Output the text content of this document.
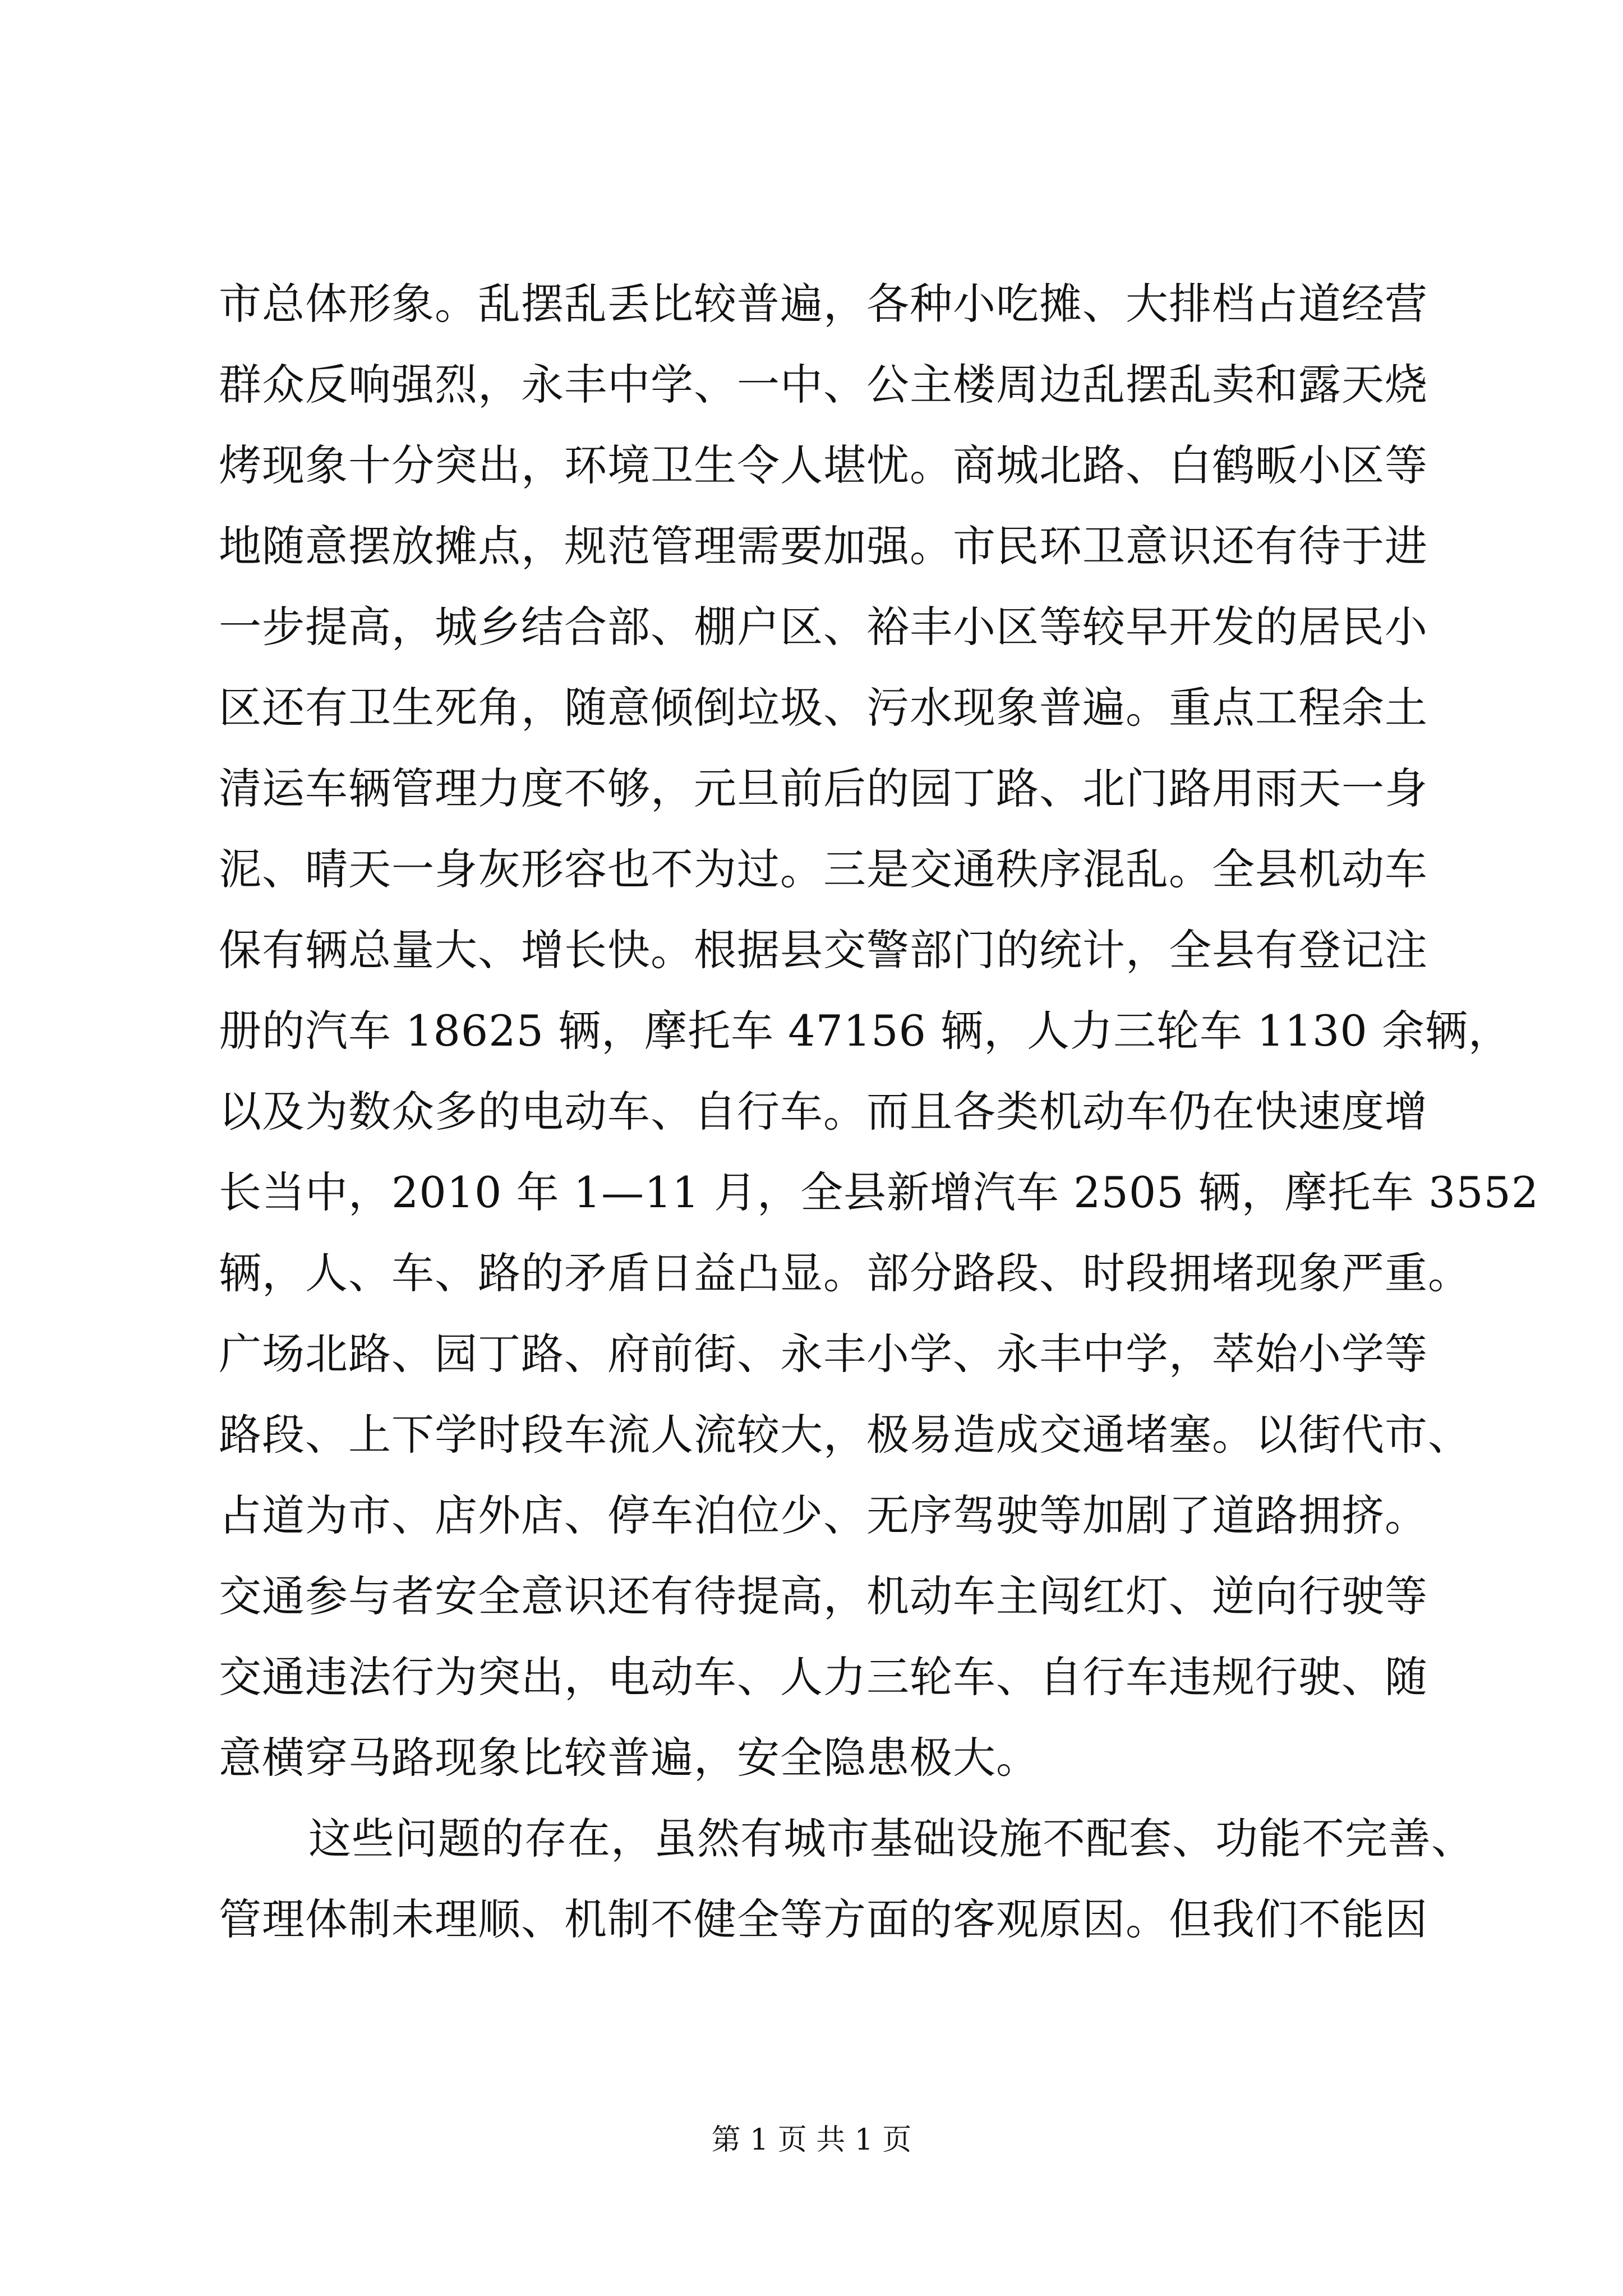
市总体形象。乱摆乱丢比较普遍，各种小吃摊、大排档占道经营
群众反响强烈，永丰中学、一中、公主楼周边乱摆乱卖和露天烧
烤现象十分突出，环境卫生令人堪忧。商城北路、白鹤畈小区等
地随意摆放摊点，规范管理需要加强。市民环卫意识还有待于进
一步提高，城乡结合部、棚户区、裕丰小区等较早开发的居民小
区还有卫生死角，随意倾倒垃圾、污水现象普遍。重点工程余土
清运车辆管理力度不够，元旦前后的园丁路、北门路用雨天一身
泥、晴天一身灰形容也不为过。三是交通秩序混乱。全县机动车
保有辆总量大、增长快。根据县交警部门的统计，全县有登记注
册的汽车 18625 辆，摩托车 47156 辆，人力三轮车 1130 余辆，
以及为数众多的电动车、自行车。而且各类机动车仍在快速度增
长当中，2010 年 1—11 月，全县新增汽车 2505 辆，摩托车 3552
辆，人、车、路的矛盾日益凸显。部分路段、时段拥堵现象严重。
广场北路、园丁路、府前街、永丰小学、永丰中学，萃始小学等
路段、上下学时段车流人流较大，极易造成交通堵塞。以街代市、
占道为市、店外店、停车泊位少、无序驾驶等加剧了道路拥挤。
交通参与者安全意识还有待提高，机动车主闯红灯、逆向行驶等
交通违法行为突出，电动车、人力三轮车、自行车违规行驶、随
意横穿马路现象比较普遍，安全隐患极大。
这些问题的存在，虽然有城市基础设施不配套、功能不完善、
管理体制未理顺、机制不健全等方面的客观原因。但我们不能因
第 1 页 共 1 页
